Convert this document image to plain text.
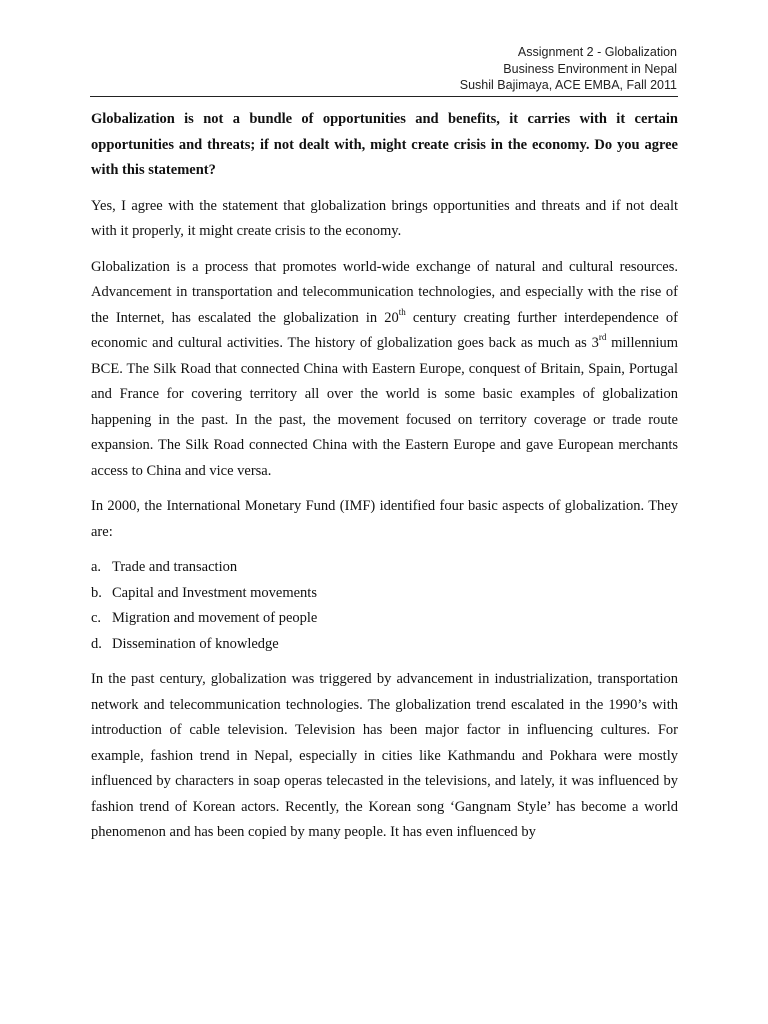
Assignment 2 - Globalization
Business Environment in Nepal
Sushil Bajimaya, ACE EMBA, Fall 2011

Globalization is not a bundle of opportunities and benefits, it carries with it certain opportunities and threats; if not dealt with, might create crisis in the economy. Do you agree with this statement?

Yes, I agree with the statement that globalization brings opportunities and threats and if not dealt with it properly, it might create crisis to the economy.

Globalization is a process that promotes world-wide exchange of natural and cultural resources. Advancement in transportation and telecommunication technologies, and especially with the rise of the Internet, has escalated the globalization in 20th century creating further interdependence of economic and cultural activities. The history of globalization goes back as much as 3rd millennium BCE. The Silk Road that connected China with Eastern Europe, conquest of Britain, Spain, Portugal and France for covering territory all over the world is some basic examples of globalization happening in the past. In the past, the movement focused on territory coverage or trade route expansion. The Silk Road connected China with the Eastern Europe and gave European merchants access to China and vice versa.

In 2000, the International Monetary Fund (IMF) identified four basic aspects of globalization. They are:

a. Trade and transaction
b. Capital and Investment movements
c. Migration and movement of people
d. Dissemination of knowledge

In the past century, globalization was triggered by advancement in industrialization, transportation network and telecommunication technologies. The globalization trend escalated in the 1990’s with introduction of cable television. Television has been major factor in influencing cultures. For example, fashion trend in Nepal, especially in cities like Kathmandu and Pokhara were mostly influenced by characters in soap operas telecasted in the televisions, and lately, it was influenced by fashion trend of Korean actors. Recently, the Korean song ‘Gangnam Style’ has become a world phenomenon and has been copied by many people. It has even influenced by
